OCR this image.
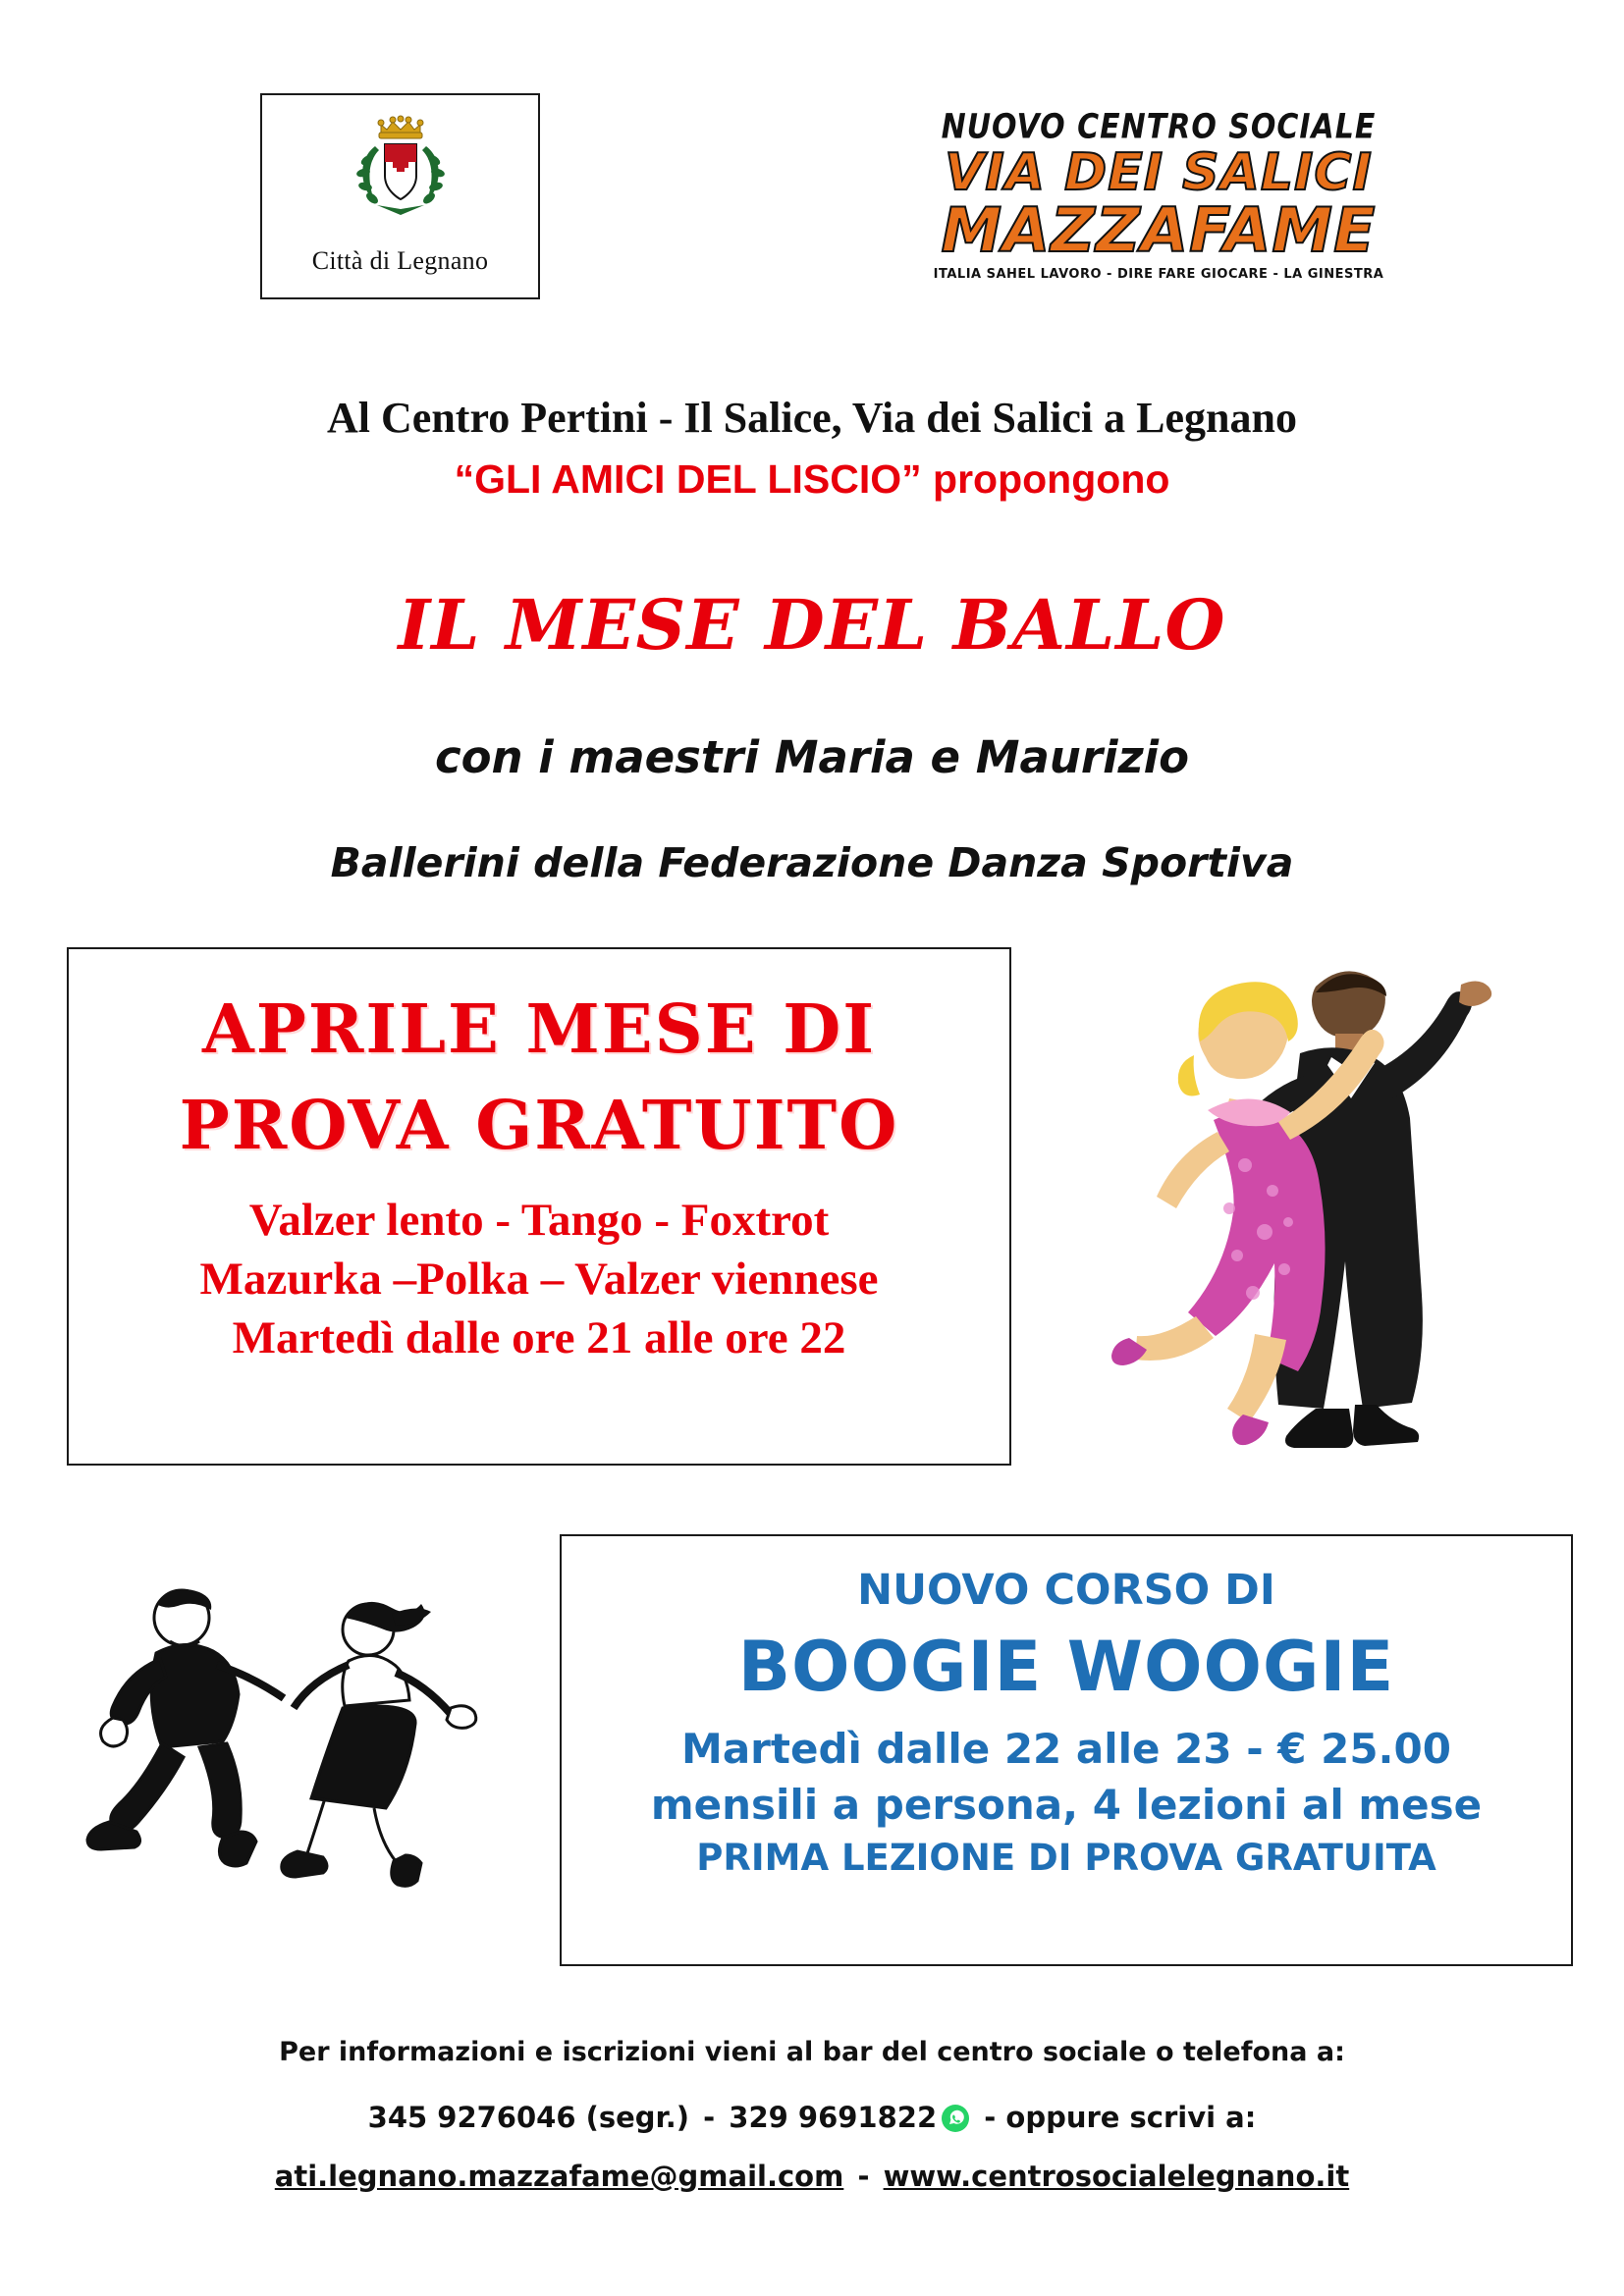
Città di Legnano
NUOVO CENTRO SOCIALE
VIA DEI SALICI
MAZZAFAME
ITALIA SAHEL LAVORO - DIRE FARE GIOCARE - LA GINESTRA
Al Centro Pertini - Il Salice, Via dei Salici a Legnano
“GLI AMICI DEL LISCIO” propongono
IL MESE DEL BALLO
con i maestri Maria e Maurizio
Ballerini della Federazione Danza Sportiva
APRILE MESE DI
PROVA GRATUITO
Valzer lento - Tango - Foxtrot
Mazurka –Polka – Valzer viennese
Martedì dalle ore 21 alle ore 22
NUOVO CORSO DI
BOOGIE WOOGIE
Martedì dalle 22 alle 23 - € 25.00
mensili a persona, 4 lezioni al mese
PRIMA LEZIONE DI PROVA GRATUITA
Per informazioni e iscrizioni vieni al bar del centro sociale o telefona a:
345 9276046 (segr.) - 329 9691822 - oppure scrivi a:
ati.legnano.mazzafame@gmail.com - www.centrosocialelegnano.it
